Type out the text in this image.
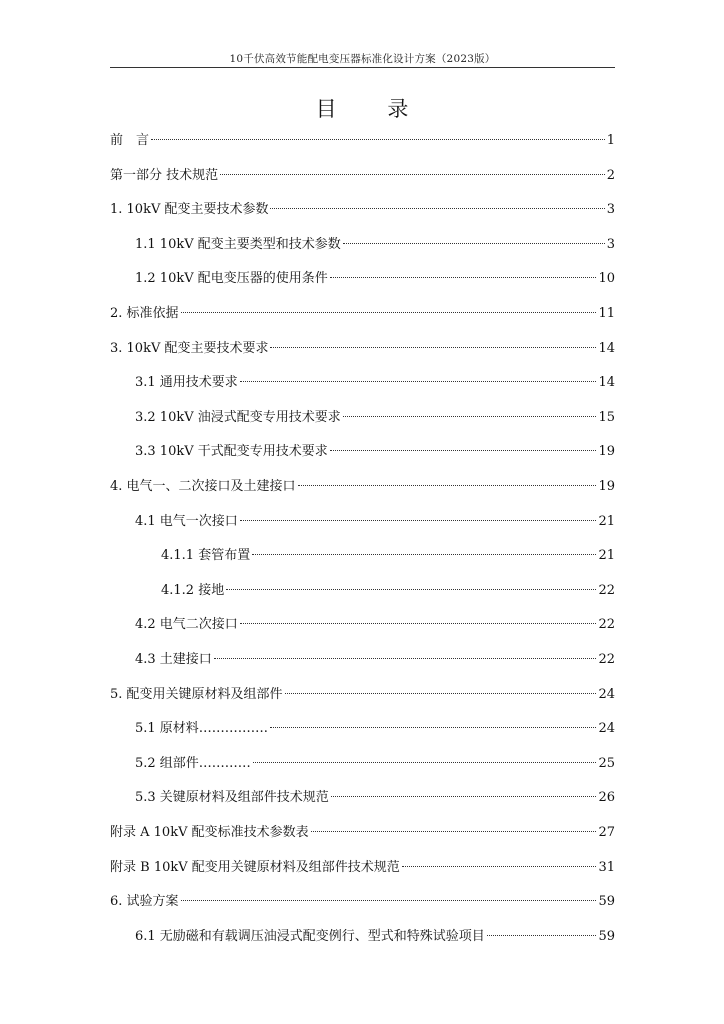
10千伏高效节能配电变压器标准化设计方案（2023版）
目 录
前　言	1
第一部分 技术规范	2
1. 10kV 配变主要技术参数	3
1.1 10kV 配变主要类型和技术参数	3
1.2 10kV 配电变压器的使用条件	10
2. 标准依据	11
3. 10kV 配变主要技术要求	14
3.1 通用技术要求	14
3.2 10kV 油浸式配变专用技术要求	15
3.3 10kV 干式配变专用技术要求	19
4. 电气一、二次接口及土建接口	19
4.1 电气一次接口	21
4.1.1 套管布置	21
4.1.2 接地	22
4.2 电气二次接口	22
4.3 土建接口	22
5. 配变用关键原材料及组部件	24
5.1 原材料…………….	24
5.2 组部件…………	25
5.3 关键原材料及组部件技术规范	26
附录 A 10kV 配变标准技术参数表	27
附录 B 10kV 配变用关键原材料及组部件技术规范	31
6. 试验方案	59
6.1 无励磁和有载调压油浸式配变例行、型式和特殊试验项目	59
